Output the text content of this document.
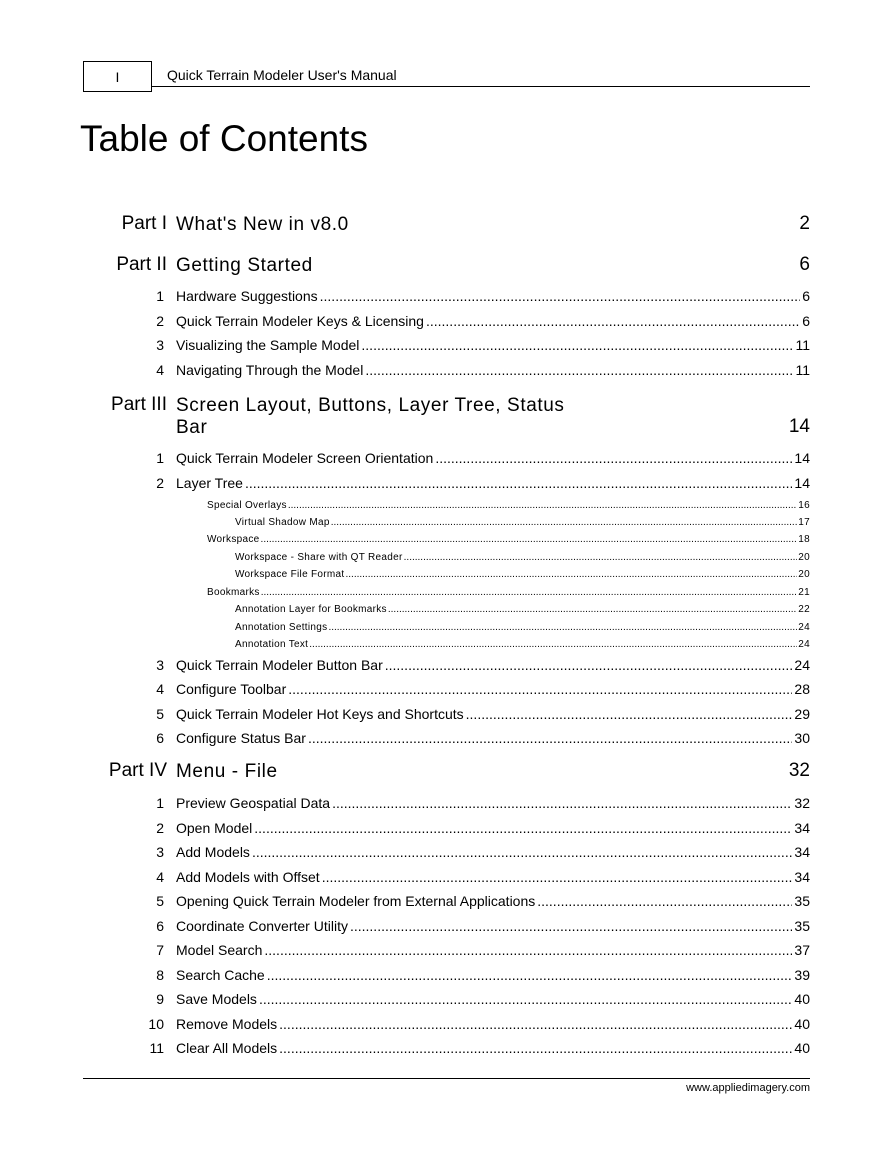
I	Quick Terrain Modeler User's Manual
Table of Contents
Part I What's New in v8.0	2
Part II Getting Started	6
1 Hardware Suggestions .....	6
2 Quick Terrain Modeler Keys & Licensing .....	6
3 Visualizing the Sample Model .....	11
4 Navigating Through the Model .....	11
Part III Screen Layout, Buttons, Layer Tree, Status
Bar	14
1 Quick Terrain Modeler Screen Orientation .....	14
2 Layer Tree .....	14
Special Overlays .....	16
Virtual Shadow Map .....	17
Workspace .....	18
Workspace - Share with QT Reader .....	20
Workspace File Format .....	20
Bookmarks .....	21
Annotation Layer for Bookmarks .....	22
Annotation Settings .....	24
Annotation Text .....	24
3 Quick Terrain Modeler Button Bar .....	24
4 Configure Toolbar .....	28
5 Quick Terrain Modeler Hot Keys and Shortcuts .....	29
6 Configure Status Bar .....	30
Part IV Menu - File	32
1 Preview Geospatial Data .....	32
2 Open Model .....	34
3 Add Models .....	34
4 Add Models with Offset .....	34
5 Opening Quick Terrain Modeler from External Applications .....	35
6 Coordinate Converter Utility .....	35
7 Model Search .....	37
8 Search Cache .....	39
9 Save Models .....	40
10 Remove Models .....	40
11 Clear All Models .....	40
www.appliedimagery.com
